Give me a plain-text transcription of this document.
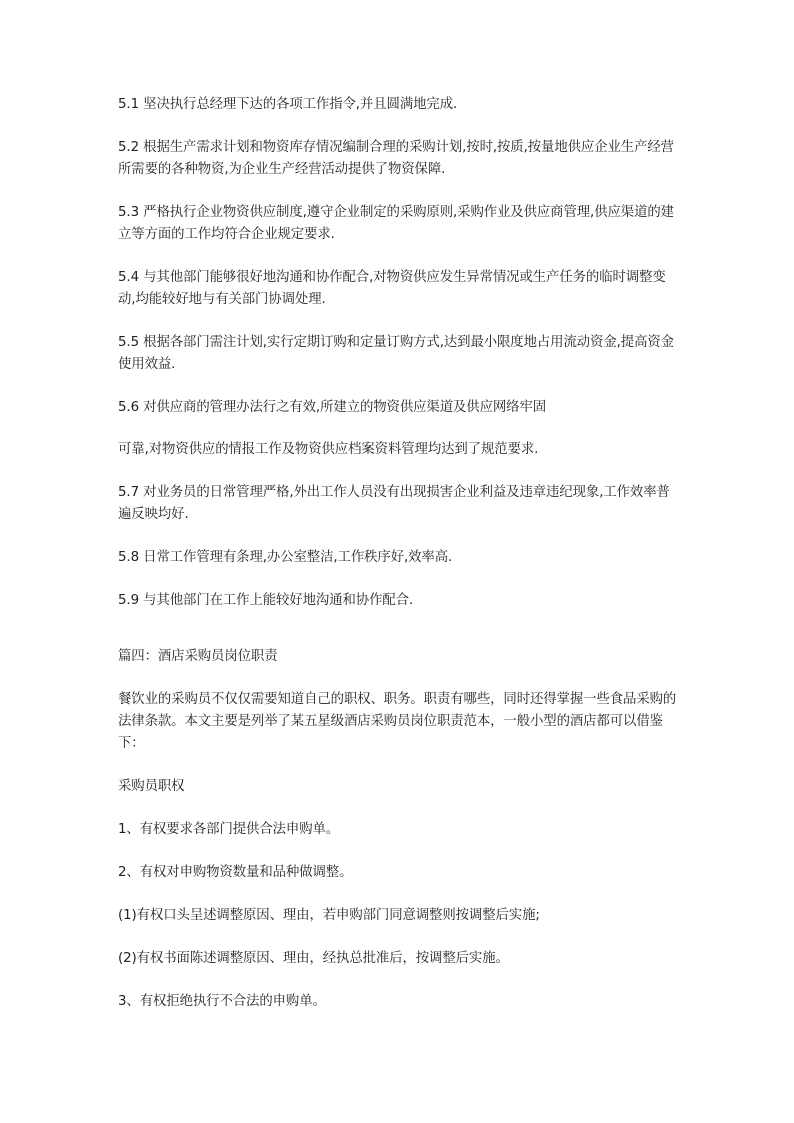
5.1 坚决执行总经理下达的各项工作指令,并且圆满地完成.

5.2 根据生产需求计划和物资库存情况编制合理的采购计划,按时,按质,按量地供应企业生产经营所需要的各种物资,为企业生产经营活动提供了物资保障.

5.3 严格执行企业物资供应制度,遵守企业制定的采购原则,采购作业及供应商管理,供应渠道的建立等方面的工作均符合企业规定要求.

5.4 与其他部门能够很好地沟通和协作配合,对物资供应发生异常情况或生产任务的临时调整变动,均能较好地与有关部门协调处理.

5.5 根据各部门需注计划,实行定期订购和定量订购方式,达到最小限度地占用流动资金,提高资金使用效益.

5.6 对供应商的管理办法行之有效,所建立的物资供应渠道及供应网络牢固

可靠,对物资供应的情报工作及物资供应档案资料管理均达到了规范要求.

5.7 对业务员的日常管理严格,外出工作人员没有出现损害企业利益及违章违纪现象,工作效率普遍反映均好.

5.8 日常工作管理有条理,办公室整洁,工作秩序好,效率高.

5.9 与其他部门在工作上能较好地沟通和协作配合.

篇四：酒店采购员岗位职责

餐饮业的采购员不仅仅需要知道自己的职权、职务。职责有哪些，同时还得掌握一些食品采购的法律条款。本文主要是列举了某五星级酒店采购员岗位职责范本，一般小型的酒店都可以借鉴下：

采购员职权

1、有权要求各部门提供合法申购单。

2、有权对申购物资数量和品种做调整。

(1)有权口头呈述调整原因、理由，若申购部门同意调整则按调整后实施;

(2)有权书面陈述调整原因、理由，经执总批准后，按调整后实施。

3、有权拒绝执行不合法的申购单。
